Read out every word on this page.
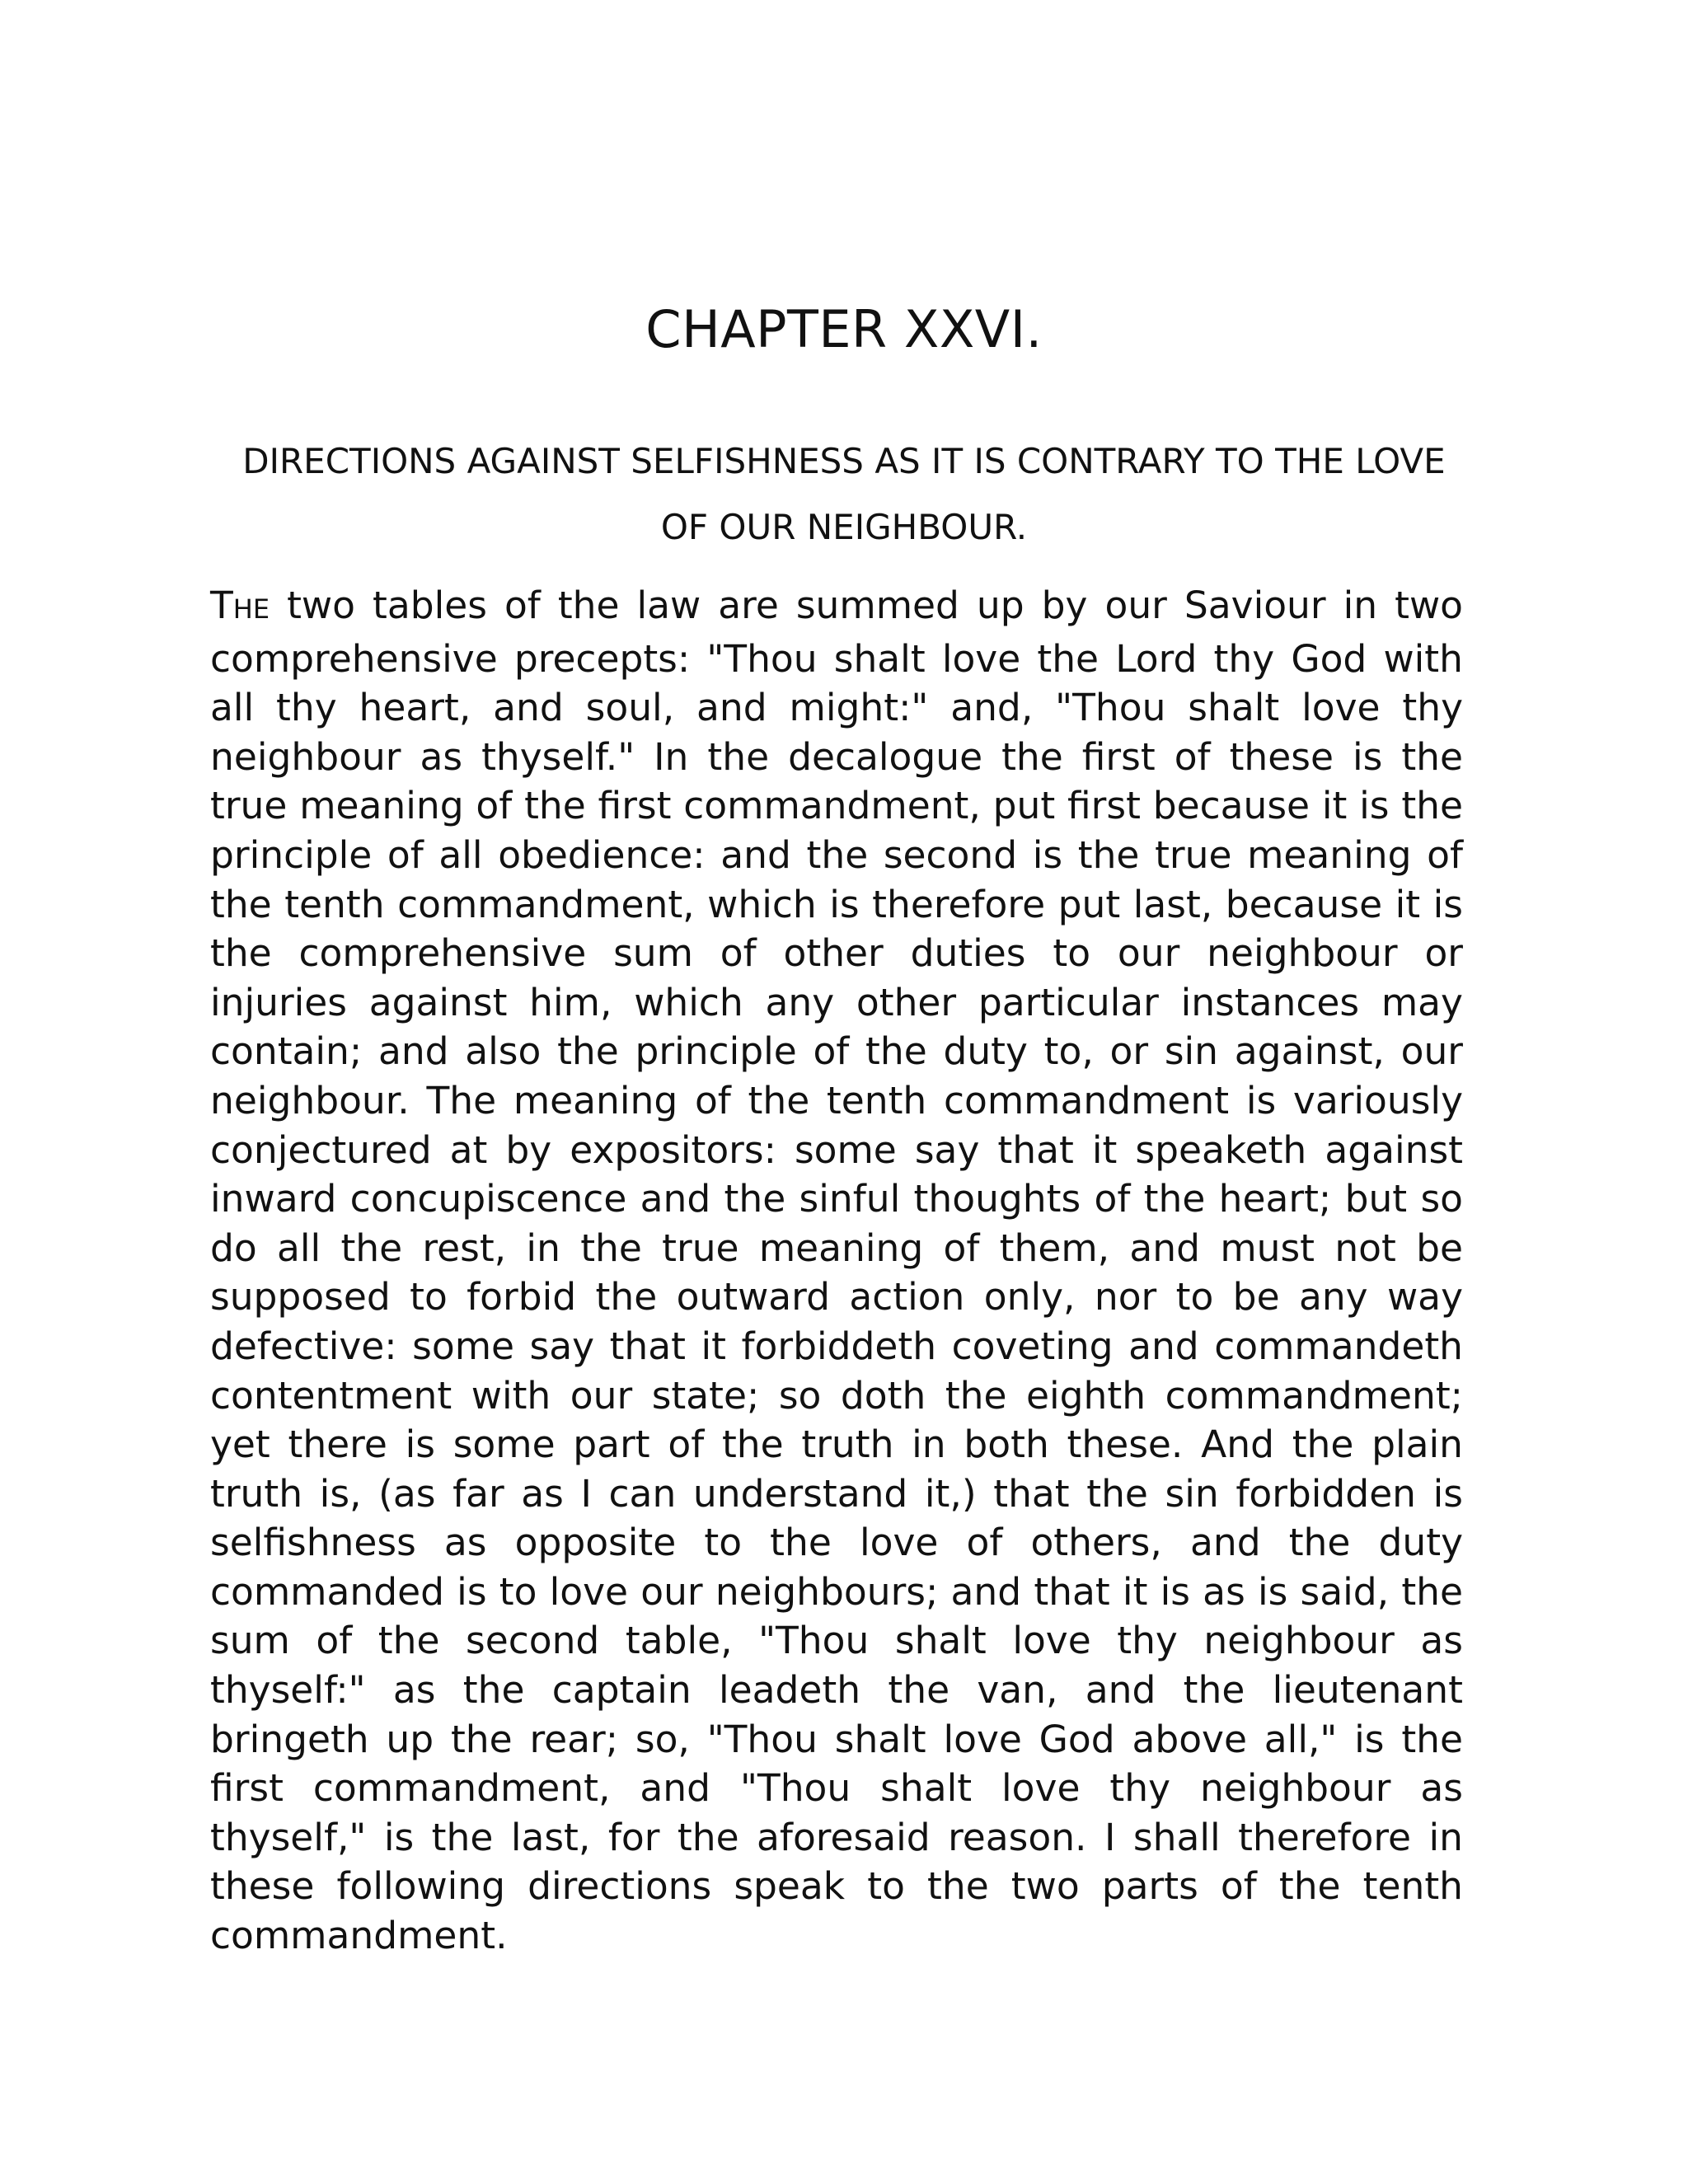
CHAPTER XXVI.
DIRECTIONS AGAINST SELFISHNESS AS IT IS CONTRARY TO THE LOVE OF OUR NEIGHBOUR.

THE two tables of the law are summed up by our Saviour in two comprehensive precepts: "Thou shalt love the Lord thy God with all thy heart, and soul, and might:" and, "Thou shalt love thy neighbour as thyself." In the decalogue the first of these is the true meaning of the first commandment, put first because it is the principle of all obedience: and the second is the true meaning of the tenth commandment, which is therefore put last, because it is the comprehensive sum of other duties to our neighbour or injuries against him, which any other particular instances may contain; and also the principle of the duty to, or sin against, our neighbour. The meaning of the tenth commandment is variously conjectured at by expositors: some say that it speaketh against inward concupiscence and the sinful thoughts of the heart; but so do all the rest, in the true meaning of them, and must not be supposed to forbid the outward action only, nor to be any way defective: some say that it forbiddeth coveting and commandeth contentment with our state; so doth the eighth commandment; yet there is some part of the truth in both these. And the plain truth is, (as far as I can understand it,) that the sin forbidden is selfishness as opposite to the love of others, and the duty commanded is to love our neighbours; and that it is as is said, the sum of the second table, "Thou shalt love thy neighbour as thyself:" as the captain leadeth the van, and the lieutenant bringeth up the rear; so, "Thou shalt love God above all," is the first commandment, and "Thou shalt love thy neighbour as thyself," is the last, for the aforesaid reason. I shall therefore in these following directions speak to the two parts of the tenth commandment.
